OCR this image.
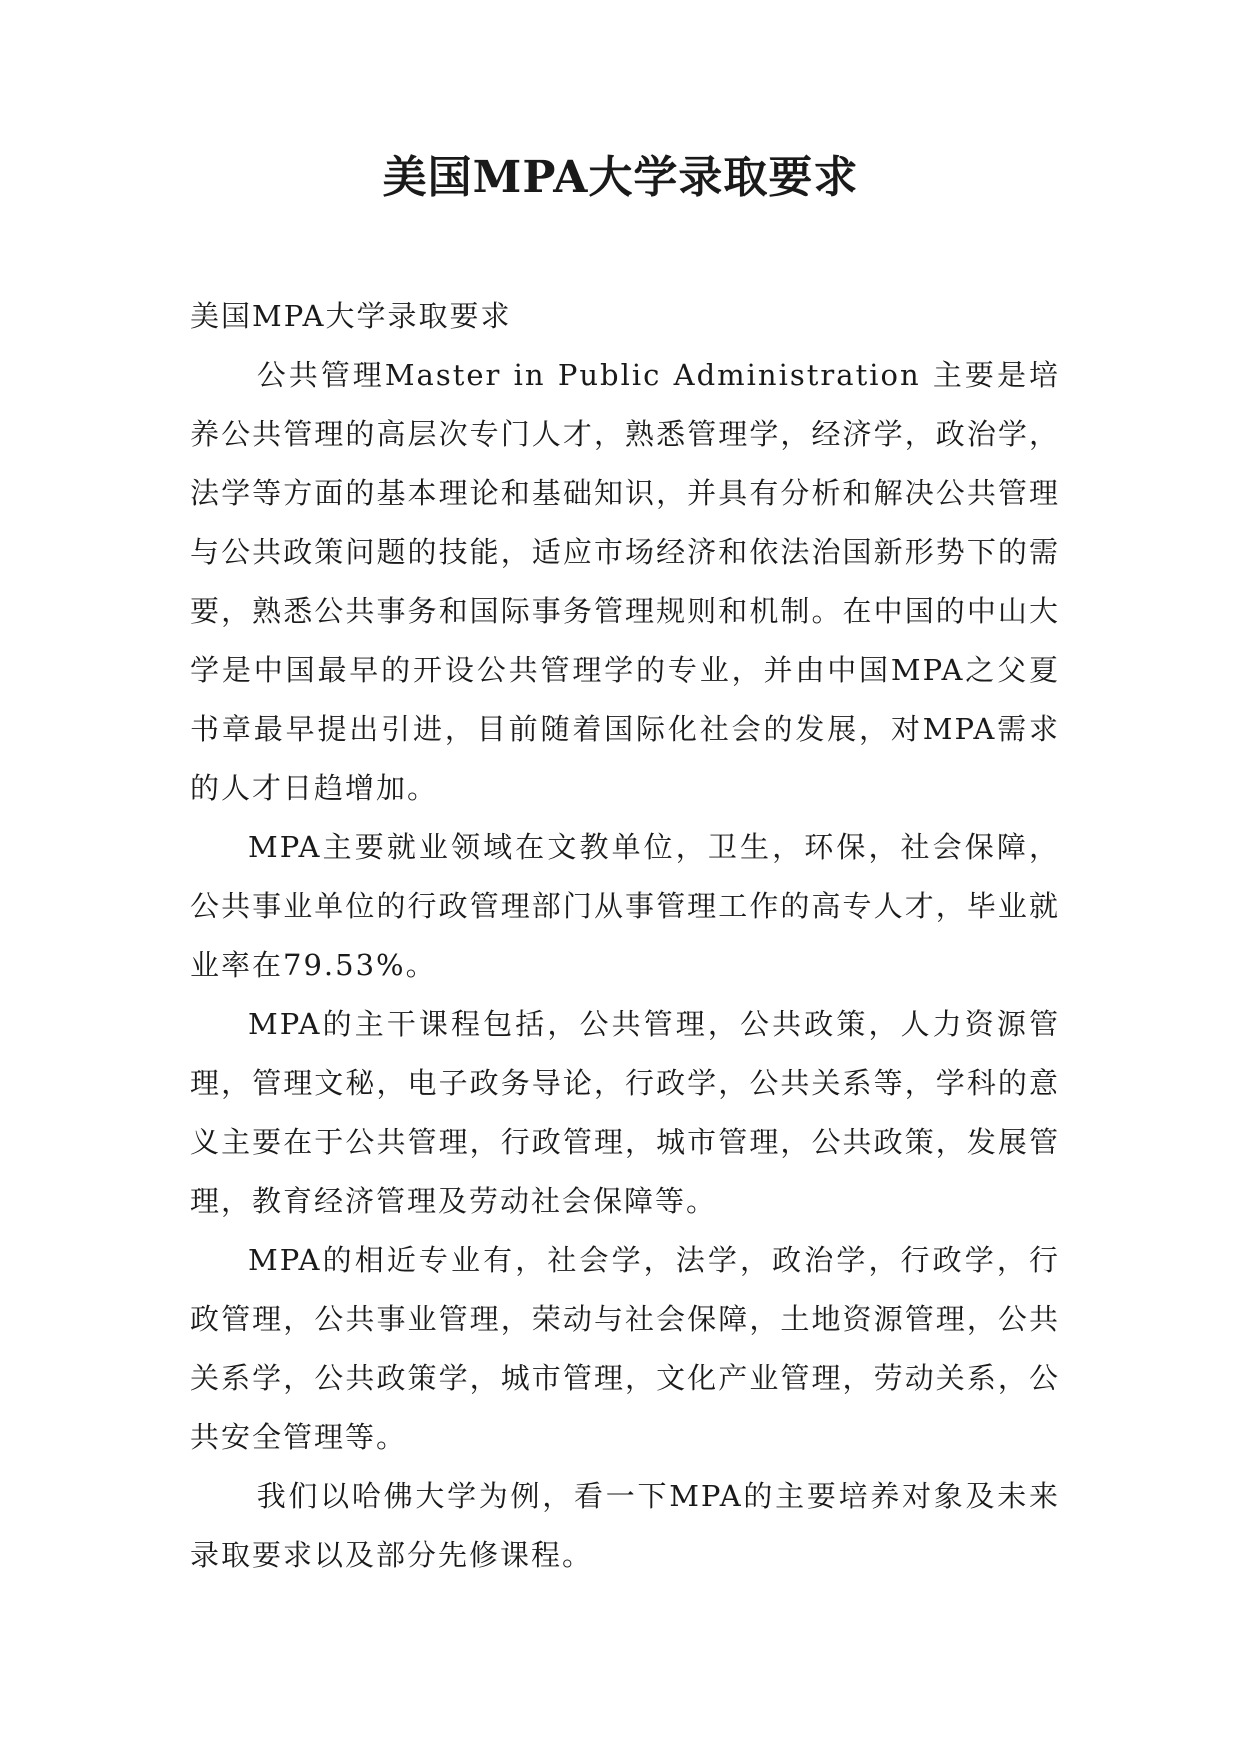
美国MPA大学录取要求

美国MPA大学录取要求

公共管理Master in Public Administration 主要是培养公共管理的高层次专门人才，熟悉管理学，经济学，政治学，法学等方面的基本理论和基础知识，并具有分析和解决公共管理与公共政策问题的技能，适应市场经济和依法治国新形势下的需要，熟悉公共事务和国际事务管理规则和机制。在中国的中山大学是中国最早的开设公共管理学的专业，并由中国MPA之父夏书章最早提出引进，目前随着国际化社会的发展，对MPA需求的人才日趋增加。

MPA主要就业领域在文教单位，卫生，环保，社会保障，公共事业单位的行政管理部门从事管理工作的高专人才，毕业就业率在79.53%。

MPA的主干课程包括，公共管理，公共政策，人力资源管理，管理文秘，电子政务导论，行政学，公共关系等，学科的意义主要在于公共管理，行政管理，城市管理，公共政策，发展管理，教育经济管理及劳动社会保障等。

MPA的相近专业有，社会学，法学，政治学，行政学，行政管理，公共事业管理，荣动与社会保障，土地资源管理，公共关系学，公共政策学，城市管理，文化产业管理，劳动关系，公共安全管理等。

我们以哈佛大学为例，看一下MPA的主要培养对象及未来录取要求以及部分先修课程。
